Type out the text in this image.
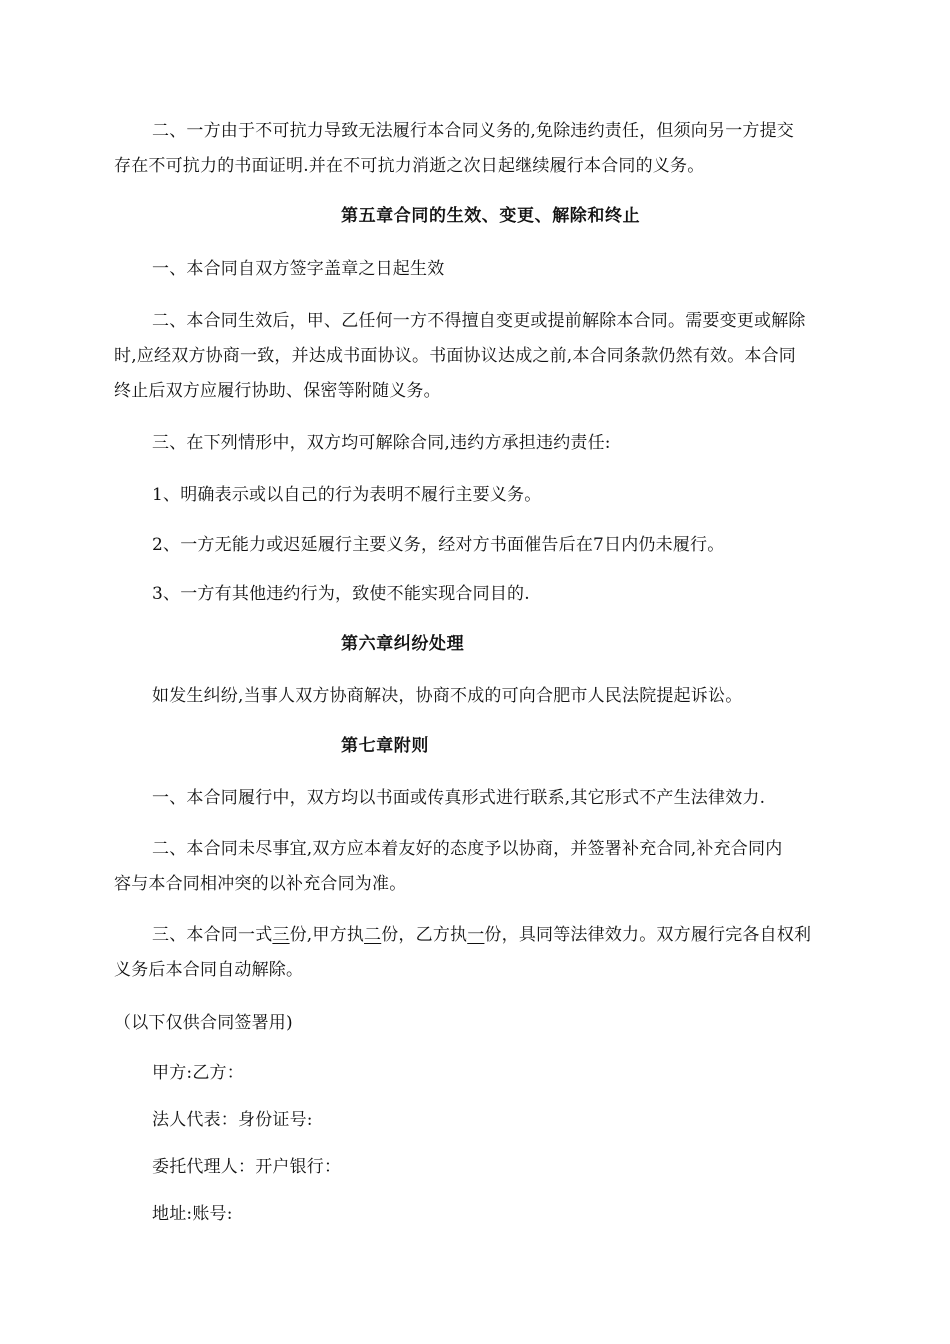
二、一方由于不可抗力导致无法履行本合同义务的,免除违约责任，但须向另一方提交
存在不可抗力的书面证明.并在不可抗力消逝之次日起继续履行本合同的义务。
第五章合同的生效、变更、解除和终止
一、本合同自双方签字盖章之日起生效
二、本合同生效后，甲、乙任何一方不得擅自变更或提前解除本合同。需要变更或解除
时,应经双方协商一致，并达成书面协议。书面协议达成之前,本合同条款仍然有效。本合同
终止后双方应履行协助、保密等附随义务。
三、在下列情形中，双方均可解除合同,违约方承担违约责任:
1、明确表示或以自己的行为表明不履行主要义务。
2、一方无能力或迟延履行主要义务，经对方书面催告后在7日内仍未履行。
3、一方有其他违约行为，致使不能实现合同目的.
第六章纠纷处理
如发生纠纷,当事人双方协商解决，协商不成的可向合肥市人民法院提起诉讼。
第七章附则
一、本合同履行中，双方均以书面或传真形式进行联系,其它形式不产生法律效力.
二、本合同未尽事宜,双方应本着友好的态度予以协商，并签署补充合同,补充合同内
容与本合同相冲突的以补充合同为准。
三、本合同一式三份,甲方执二份，乙方执一份，具同等法律效力。双方履行完各自权利
义务后本合同自动解除。
（以下仅供合同签署用)
甲方:乙方：
法人代表：身份证号:
委托代理人：开户银行：
地址:账号:
